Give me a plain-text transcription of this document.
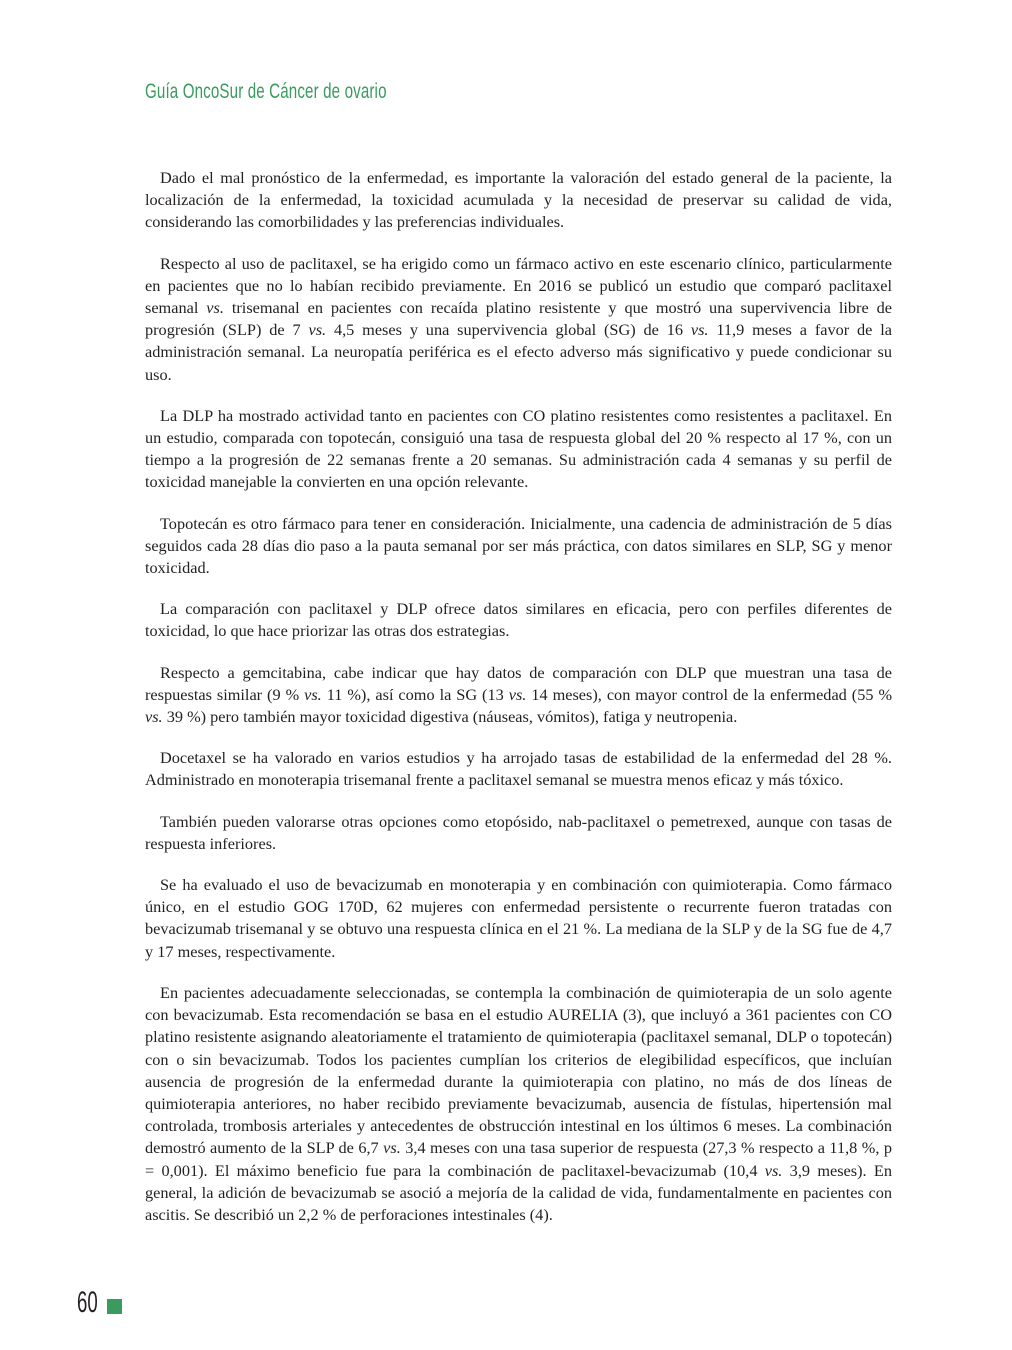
Guía OncoSur de Cáncer de ovario

Dado el mal pronóstico de la enfermedad, es importante la valoración del estado general de la paciente, la localización de la enfermedad, la toxicidad acumulada y la necesidad de preservar su calidad de vida, considerando las comorbilidades y las preferencias individuales.

Respecto al uso de paclitaxel, se ha erigido como un fármaco activo en este escenario clínico, particularmente en pacientes que no lo habían recibido previamente. En 2016 se publicó un estudio que comparó paclitaxel semanal vs. trisemanal en pacientes con recaída platino resistente y que mostró una supervivencia libre de progresión (SLP) de 7 vs. 4,5 meses y una supervivencia global (SG) de 16 vs. 11,9 meses a favor de la administración semanal. La neuropatía periférica es el efecto adverso más significativo y puede condicionar su uso.

La DLP ha mostrado actividad tanto en pacientes con CO platino resistentes como resistentes a paclitaxel. En un estudio, comparada con topotecán, consiguió una tasa de respuesta global del 20 % respecto al 17 %, con un tiempo a la progresión de 22 semanas frente a 20 semanas. Su administración cada 4 semanas y su perfil de toxicidad manejable la convierten en una opción relevante.

Topotecán es otro fármaco para tener en consideración. Inicialmente, una cadencia de administración de 5 días seguidos cada 28 días dio paso a la pauta semanal por ser más práctica, con datos similares en SLP, SG y menor toxicidad.

La comparación con paclitaxel y DLP ofrece datos similares en eficacia, pero con perfiles diferentes de toxicidad, lo que hace priorizar las otras dos estrategias.

Respecto a gemcitabina, cabe indicar que hay datos de comparación con DLP que muestran una tasa de respuestas similar (9 % vs. 11 %), así como la SG (13 vs. 14 meses), con mayor control de la enfermedad (55 % vs. 39 %) pero también mayor toxicidad digestiva (náuseas, vómitos), fatiga y neutropenia.

Docetaxel se ha valorado en varios estudios y ha arrojado tasas de estabilidad de la enfermedad del 28 %. Administrado en monoterapia trisemanal frente a paclitaxel semanal se muestra menos eficaz y más tóxico.

También pueden valorarse otras opciones como etopósido, nab-paclitaxel o pemetrexed, aunque con tasas de respuesta inferiores.

Se ha evaluado el uso de bevacizumab en monoterapia y en combinación con quimioterapia. Como fármaco único, en el estudio GOG 170D, 62 mujeres con enfermedad persistente o recurrente fueron tratadas con bevacizumab trisemanal y se obtuvo una respuesta clínica en el 21 %. La mediana de la SLP y de la SG fue de 4,7 y 17 meses, respectivamente.

En pacientes adecuadamente seleccionadas, se contempla la combinación de quimioterapia de un solo agente con bevacizumab. Esta recomendación se basa en el estudio AURELIA (3), que incluyó a 361 pacientes con CO platino resistente asignando aleatoriamente el tratamiento de quimioterapia (paclitaxel semanal, DLP o topotecán) con o sin bevacizumab. Todos los pacientes cumplían los criterios de elegibilidad específicos, que incluían ausencia de progresión de la enfermedad durante la quimioterapia con platino, no más de dos líneas de quimioterapia anteriores, no haber recibido previamente bevacizumab, ausencia de fístulas, hipertensión mal controlada, trombosis arteriales y antecedentes de obstrucción intestinal en los últimos 6 meses. La combinación demostró aumento de la SLP de 6,7 vs. 3,4 meses con una tasa superior de respuesta (27,3 % respecto a 11,8 %, p = 0,001). El máximo beneficio fue para la combinación de paclitaxel-bevacizumab (10,4 vs. 3,9 meses). En general, la adición de bevacizumab se asoció a mejoría de la calidad de vida, fundamentalmente en pacientes con ascitis. Se describió un 2,2 % de perforaciones intestinales (4).

60
